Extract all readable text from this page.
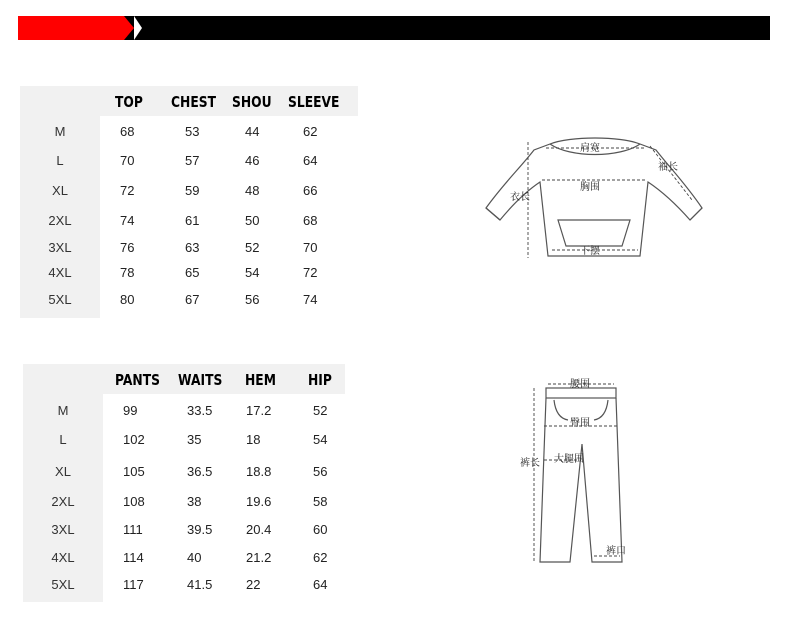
TOP CHEST SHOU SLEEVE
M	68	53	44	62
L	70	57	46	64
XL	72	59	48	66
2XL	74	61	50	68
3XL	76	63	52	70
4XL	78	65	54	72
5XL	80	67	56	74
PANTS WAITS HEM HIP
M	99	33.5	17.2	52
L	102	35	18	54
XL	105	36.5	18.8	56
2XL	108	38	19.6	58
3XL	111	39.5	20.4	60
4XL	114	40	21.2	62
5XL	117	41.5	22	64
肩宽
胸围
下摆
衣长
袖长
腰围
臀围
裤长 大腿围
裤口
